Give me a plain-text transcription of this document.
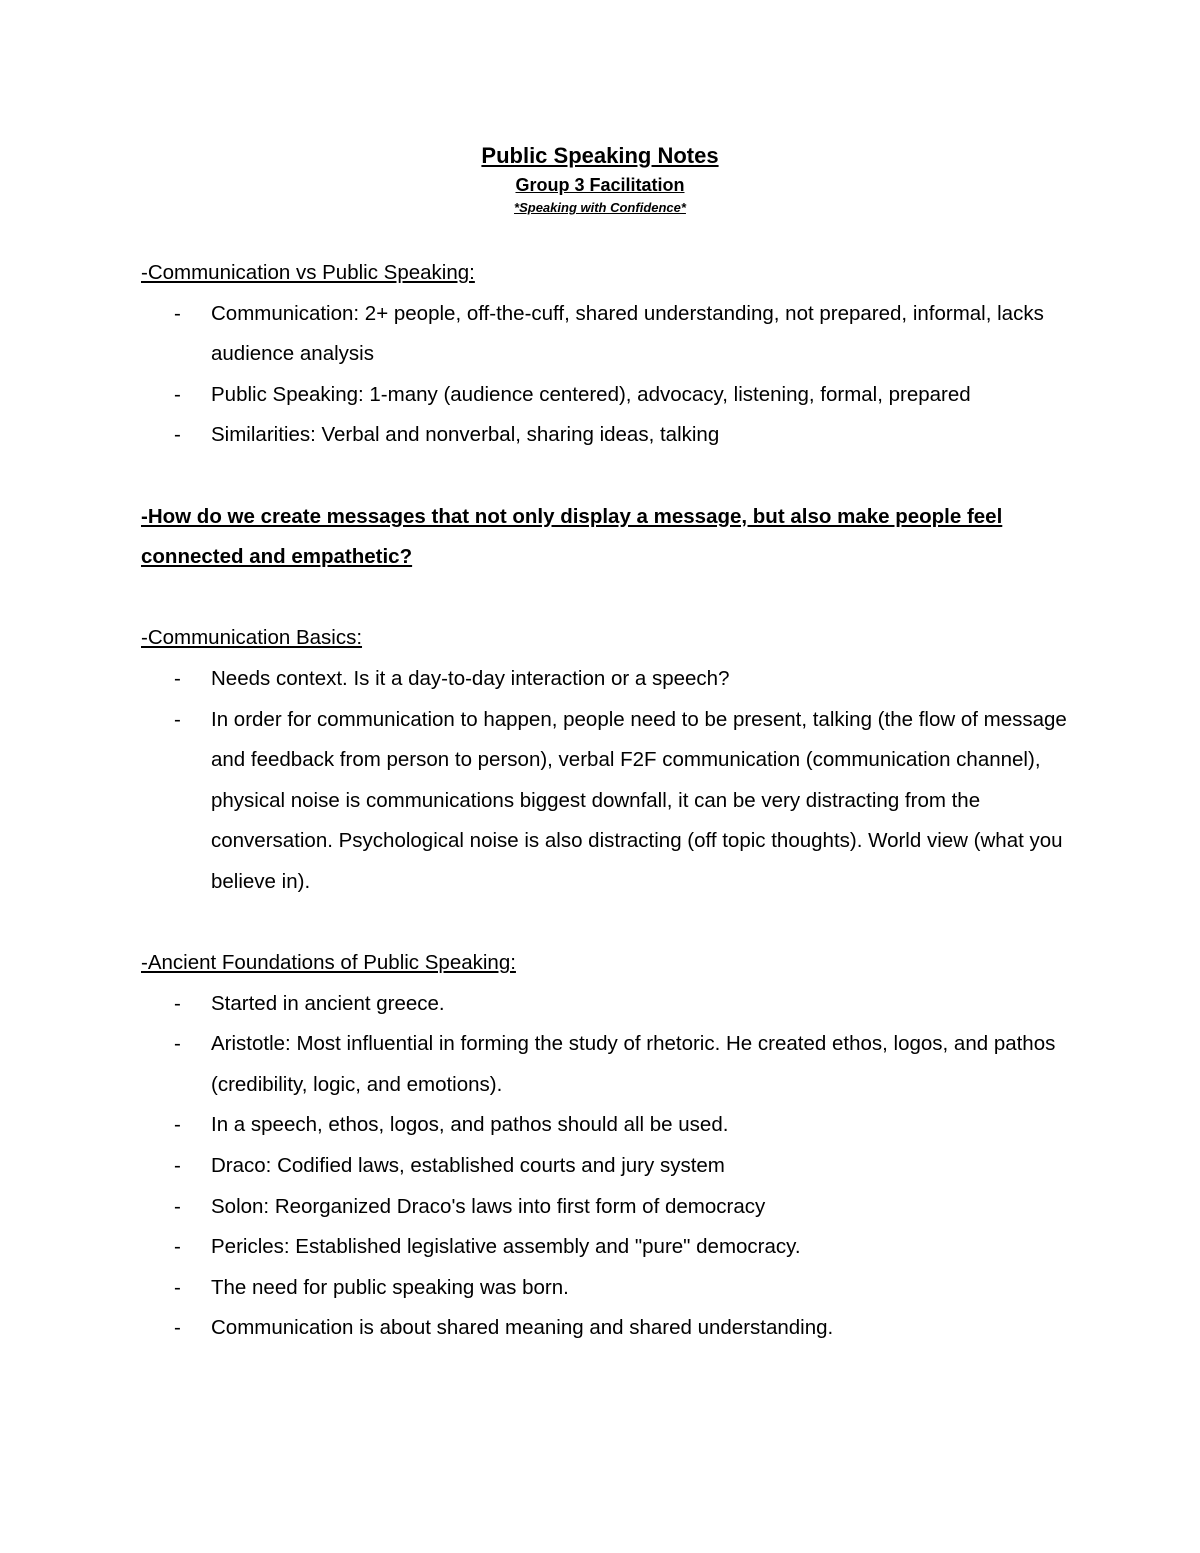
Public Speaking Notes

Group 3 Facilitation

*Speaking with Confidence*

-Communication vs Public Speaking:

- Communication: 2+ people, off-the-cuff, shared understanding, not prepared, informal, lacks audience analysis
- Public Speaking: 1-many (audience centered), advocacy, listening, formal, prepared
- Similarities: Verbal and nonverbal, sharing ideas, talking

-How do we create messages that not only display a message, but also make people feel connected and empathetic?

-Communication Basics:

- Needs context. Is it a day-to-day interaction or a speech?
- In order for communication to happen, people need to be present, talking (the flow of message and feedback from person to person), verbal F2F communication (communication channel), physical noise is communications biggest downfall, it can be very distracting from the conversation. Psychological noise is also distracting (off topic thoughts). World view (what you believe in).

-Ancient Foundations of Public Speaking:

- Started in ancient greece.
- Aristotle: Most influential in forming the study of rhetoric. He created ethos, logos, and pathos (credibility, logic, and emotions).
- In a speech, ethos, logos, and pathos should all be used.
- Draco: Codified laws, established courts and jury system
- Solon: Reorganized Draco's laws into first form of democracy
- Pericles: Established legislative assembly and "pure" democracy.
- The need for public speaking was born.
- Communication is about shared meaning and shared understanding.
